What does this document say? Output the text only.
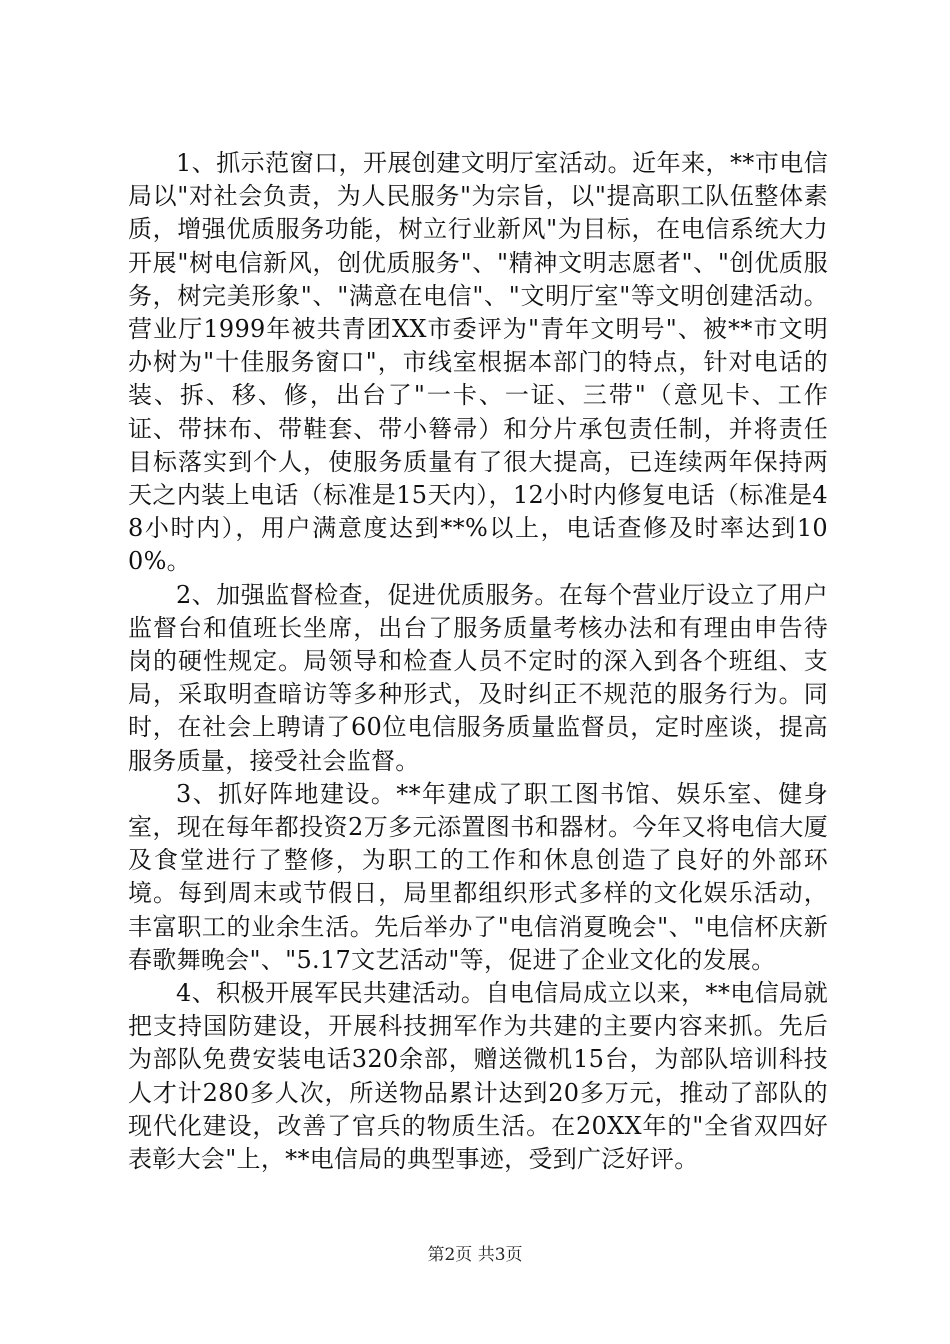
1、抓示范窗口，开展创建文明厅室活动。近年来，**市电信局以"对社会负责，为人民服务"为宗旨，以"提高职工队伍整体素质，增强优质服务功能，树立行业新风"为目标，在电信系统大力开展"树电信新风，创优质服务"、"精神文明志愿者"、"创优质服务，树完美形象"、"满意在电信"、"文明厅室"等文明创建活动。营业厅1999年被共青团XX市委评为"青年文明号"、被**市文明办树为"十佳服务窗口"，市线室根据本部门的特点，针对电话的装、拆、移、修，出台了"一卡、一证、三带"（意见卡、工作证、带抹布、带鞋套、带小簮帚）和分片承包责任制，并将责任目标落实到个人，使服务质量有了很大提高，已连续两年保持两天之内装上电话（标准是15天内），12小时内修复电话（标准是48小时内），用户满意度达到**%以上，电话查修及时率达到100%。

2、加强监督检查，促进优质服务。在每个营业厅设立了用户监督台和值班长坐席，出台了服务质量考核办法和有理由申告待岗的硬性规定。局领导和检查人员不定时的深入到各个班组、支局，采取明查暗访等多种形式，及时纠正不规范的服务行为。同时，在社会上聘请了60位电信服务质量监督员，定时座谈，提高服务质量，接受社会监督。

3、抓好阵地建设。**年建成了职工图书馆、娱乐室、健身室，现在每年都投资2万多元添置图书和器材。今年又将电信大厦及食堂进行了整修，为职工的工作和休息创造了良好的外部环境。每到周末或节假日，局里都组织形式多样的文化娱乐活动，丰富职工的业余生活。先后举办了"电信消夏晚会"、"电信杯庆新春歌舞晚会"、"5.17文艺活动"等，促进了企业文化的发展。

4、积极开展军民共建活动。自电信局成立以来，**电信局就把支持国防建设，开展科技拥军作为共建的主要内容来抓。先后为部队免费安装电话320余部，赠送微机15台，为部队培训科技人才计280多人次，所送物品累计达到20多万元，推动了部队的现代化建设，改善了官兵的物质生活。在20XX年的"全省双四好表彰大会"上，**电信局的典型事迹，受到广泛好评。

第2页 共3页
